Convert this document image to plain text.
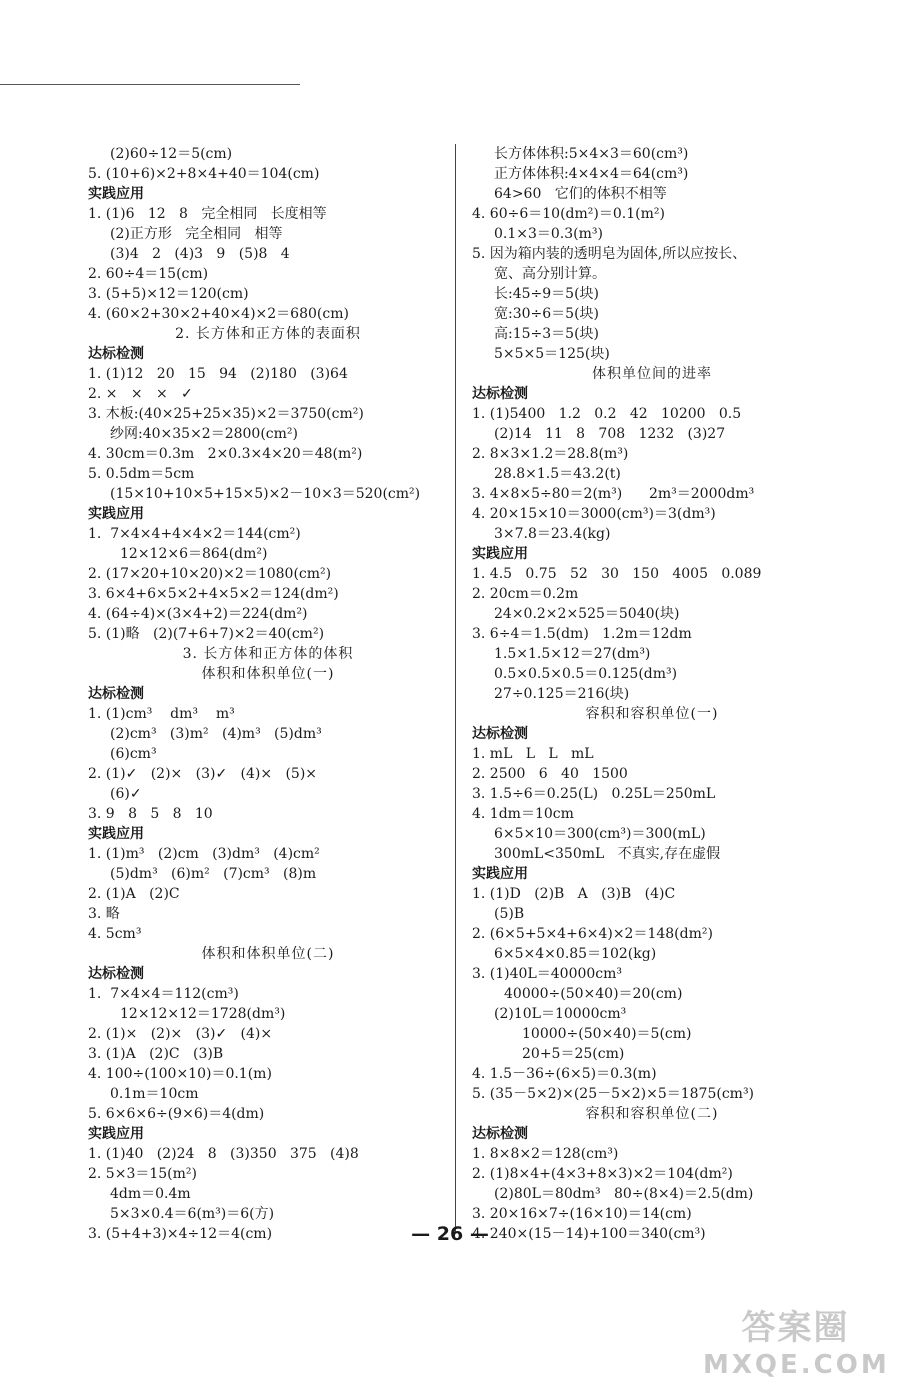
(2)60÷12＝5(cm)
5. (10+6)×2+8×4+40＝104(cm)
实践应用
1. (1)6   12   8   完全相同   长度相等
(2)正方形   完全相同   相等
(3)4   2   (4)3   9   (5)8   4
2. 60÷4＝15(cm)
3. (5+5)×12＝120(cm)
4. (60×2+30×2+40×4)×2＝680(cm)
2. 长方体和正方体的表面积
达标检测
1. (1)12   20   15   94   (2)180   (3)64
2. ×   ×   ×   ✓
3. 木板:(40×25+25×35)×2＝3750(cm²)
纱网:40×35×2＝2800(cm²)
4. 30cm＝0.3m   2×0.3×4×20＝48(m²)
5. 0.5dm＝5cm
(15×10+10×5+15×5)×2－10×3＝520(cm²)
实践应用
1.  7×4×4+4×4×2＝144(cm²)
12×12×6＝864(dm²)
2. (17×20+10×20)×2＝1080(cm²)
3. 6×4+6×5×2+4×5×2＝124(dm²)
4. (64÷4)×(3×4+2)＝224(dm²)
5. (1)略   (2)(7+6+7)×2＝40(cm²)
3. 长方体和正方体的体积
体积和体积单位(一)
达标检测
1. (1)cm³    dm³    m³
(2)cm³   (3)m²   (4)m³   (5)dm³
(6)cm³
2. (1)✓   (2)×   (3)✓   (4)×   (5)×
(6)✓
3. 9   8   5   8   10
实践应用
1. (1)m³   (2)cm   (3)dm³   (4)cm²
(5)dm³   (6)m²   (7)cm³   (8)m
2. (1)A   (2)C
3. 略
4. 5cm³
体积和体积单位(二)
达标检测
1.  7×4×4＝112(cm³)
12×12×12＝1728(dm³)
2. (1)×   (2)×   (3)✓   (4)×
3. (1)A   (2)C   (3)B
4. 100÷(100×10)＝0.1(m)
0.1m＝10cm
5. 6×6×6÷(9×6)＝4(dm)
实践应用
1. (1)40   (2)24   8   (3)350   375   (4)8
2. 5×3＝15(m²)
4dm＝0.4m
5×3×0.4＝6(m³)＝6(方)
3. (5+4+3)×4÷12＝4(cm)
长方体体积:5×4×3＝60(cm³)
正方体体积:4×4×4＝64(cm³)
64>60   它们的体积不相等
4. 60÷6＝10(dm²)＝0.1(m²)
0.1×3＝0.3(m³)
5. 因为箱内装的透明皂为固体,所以应按长、
宽、高分别计算。
长:45÷9＝5(块)
宽:30÷6＝5(块)
高:15÷3＝5(块)
5×5×5＝125(块)
体积单位间的进率
达标检测
1. (1)5400   1.2   0.2   42   10200   0.5
(2)14   11   8   708   1232   (3)27
2. 8×3×1.2＝28.8(m³)
28.8×1.5＝43.2(t)
3. 4×8×5÷80＝2(m³)      2m³＝2000dm³
4. 20×15×10＝3000(cm³)＝3(dm³)
3×7.8＝23.4(kg)
实践应用
1. 4.5   0.75   52   30   150   4005   0.089
2. 20cm＝0.2m
24×0.2×2×525＝5040(块)
3. 6÷4＝1.5(dm)   1.2m＝12dm
1.5×1.5×12＝27(dm³)
0.5×0.5×0.5＝0.125(dm³)
27÷0.125＝216(块)
容积和容积单位(一)
达标检测
1. mL   L   L   mL
2. 2500   6   40   1500
3. 1.5÷6＝0.25(L)   0.25L＝250mL
4. 1dm＝10cm
6×5×10＝300(cm³)＝300(mL)
300mL<350mL   不真实,存在虚假
实践应用
1. (1)D   (2)B   A   (3)B   (4)C
(5)B
2. (6×5+5×4+6×4)×2＝148(dm²)
6×5×4×0.85＝102(kg)
3. (1)40L＝40000cm³
40000÷(50×40)＝20(cm)
(2)10L＝10000cm³
10000÷(50×40)＝5(cm)
20+5＝25(cm)
4. 1.5－36÷(6×5)＝0.3(m)
5. (35－5×2)×(25－5×2)×5＝1875(cm³)
容积和容积单位(二)
达标检测
1. 8×8×2＝128(cm³)
2. (1)8×4+(4×3+8×3)×2＝104(dm²)
(2)80L＝80dm³   80÷(8×4)＝2.5(dm)
3. 20×16×7÷(16×10)＝14(cm)
4. 240×(15－14)+100＝340(cm³)
— 26 —
答案圈
MXQE.COM
